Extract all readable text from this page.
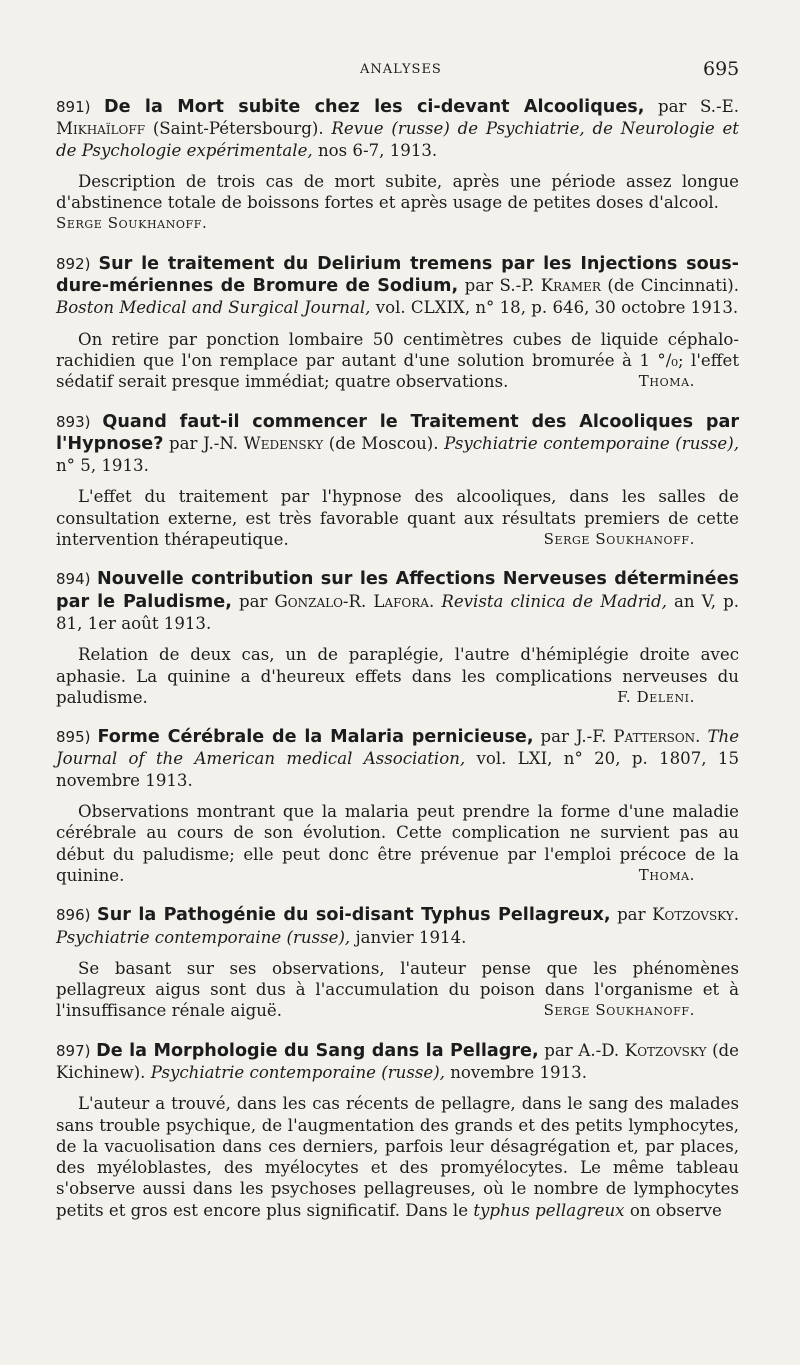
ANALYSES	695

891) De la Mort subite chez les ci-devant Alcooliques, par S.-E. Mikhaïloff (Saint-Pétersbourg). Revue (russe) de Psychiatrie, de Neurologie et de Psychologie expérimentale, nos 6-7, 1913.

Description de trois cas de mort subite, après une période assez longue d'abstinence totale de boissons fortes et après usage de petites doses d'alcool.

Serge Soukhanoff.

892) Sur le traitement du Delirium tremens par les Injections sous-dure-mériennes de Bromure de Sodium, par S.-P. Kramer (de Cincinnati). Boston Medical and Surgical Journal, vol. CLXIX, n° 18, p. 646, 30 octobre 1913.

On retire par ponction lombaire 50 centimètres cubes de liquide céphalo-rachidien que l'on remplace par autant d'une solution bromurée à 1 °/₀; l'effet sédatif serait presque immédiat; quatre observations.	Thoma.

893) Quand faut-il commencer le Traitement des Alcooliques par l'Hypnose? par J.-N. Wedensky (de Moscou). Psychiatrie contemporaine (russe), n° 5, 1913.

L'effet du traitement par l'hypnose des alcooliques, dans les salles de consultation externe, est très favorable quant aux résultats premiers de cette intervention thérapeutique.	Serge Soukhanoff.

894) Nouvelle contribution sur les Affections Nerveuses déterminées par le Paludisme, par Gonzalo-R. Lafora. Revista clinica de Madrid, an V, p. 81, 1er août 1913.

Relation de deux cas, un de paraplégie, l'autre d'hémiplégie droite avec aphasie. La quinine a d'heureux effets dans les complications nerveuses du paludisme.	F. Deleni.

895) Forme Cérébrale de la Malaria pernicieuse, par J.-F. Patterson. The Journal of the American medical Association, vol. LXI, n° 20, p. 1807, 15 novembre 1913.

Observations montrant que la malaria peut prendre la forme d'une maladie cérébrale au cours de son évolution. Cette complication ne survient pas au début du paludisme; elle peut donc être prévenue par l'emploi précoce de la quinine.	Thoma.

896) Sur la Pathogénie du soi-disant Typhus Pellagreux, par Kotzovsky. Psychiatrie contemporaine (russe), janvier 1914.

Se basant sur ses observations, l'auteur pense que les phénomènes pellagreux aigus sont dus à l'accumulation du poison dans l'organisme et à l'insuffisance rénale aiguë.	Serge Soukhanoff.

897) De la Morphologie du Sang dans la Pellagre, par A.-D. Kotzovsky (de Kichinew). Psychiatrie contemporaine (russe), novembre 1913.

L'auteur a trouvé, dans les cas récents de pellagre, dans le sang des malades sans trouble psychique, de l'augmentation des grands et des petits lymphocytes, de la vacuolisation dans ces derniers, parfois leur désagrégation et, par places, des myéloblastes, des myélocytes et des promyélocytes. Le même tableau s'observe aussi dans les psychoses pellagreuses, où le nombre de lymphocytes petits et gros est encore plus significatif. Dans le typhus pellagreux on observe
